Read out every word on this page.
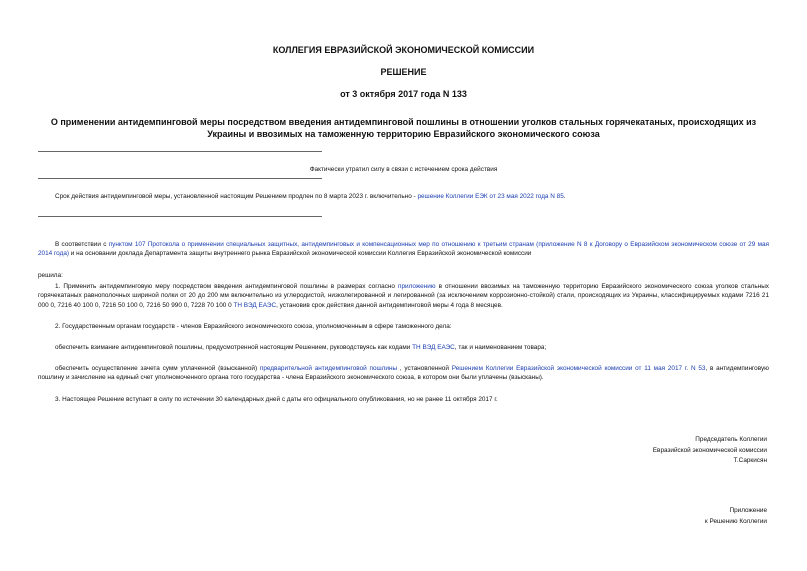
КОЛЛЕГИЯ ЕВРАЗИЙСКОЙ ЭКОНОМИЧЕСКОЙ КОМИССИИ
РЕШЕНИЕ
от 3 октября 2017 года N 133
О применении антидемпинговой меры посредством введения антидемпинговой пошлины в отношении уголков стальных горячекатаных, происходящих из Украины и ввозимых на таможенную территорию Евразийского экономического союза
Фактически утратил силу в связи с истечением срока действия
Срок действия антидемпинговой меры, установленной настоящим Решением продлен по 8 марта 2023 г. включительно - решение Коллегии ЕЭК от 23 мая 2022 года N 85.
В соответствии с пунктом 107 Протокола о применении специальных защитных, антидемпинговых и компенсационных мер по отношению к третьим странам (приложение N 8 к Договору о Евразийском экономическом союзе от 29 мая 2014 года) и на основании доклада Департамента защиты внутреннего рынка Евразийской экономической комиссии Коллегия Евразийской экономической комиссии
решила:
1. Применить антидемпинговую меру посредством введения антидемпинговой пошлины в размерах согласно приложению в отношении ввозимых на таможенную территорию Евразийского экономического союза уголков стальных горячекатаных равнополочных шириной полки от 20 до 200 мм включительно из углеродистой, низколегированной и легированной (за исключением коррозионно-стойкой) стали, происходящих из Украины, классифицируемых кодами 7216 21 000 0, 7216 40 100 0, 7216 50 100 0, 7216 50 990 0, 7228 70 100 0 ТН ВЭД ЕАЭС, установив срок действия данной антидемпинговой меры 4 года 8 месяцев.
2. Государственным органам государств - членов Евразийского экономического союза, уполномоченным в сфере таможенного дела:
обеспечить взимание антидемпинговой пошлины, предусмотренной настоящим Решением, руководствуясь как кодами ТН ВЭД ЕАЭС, так и наименованием товара;
обеспечить осуществление зачета сумм уплаченной (взысканной) предварительной антидемпинговой пошлины , установленной Решением Коллегии Евразийской экономической комиссии от 11 мая 2017 г. N 53, в антидемпинговую пошлину и зачисление на единый счет уполномоченного органа того государства - члена Евразийского экономического союза, в котором они были уплачены (взысканы).
3. Настоящее Решение вступает в силу по истечении 30 календарных дней с даты его официального опубликования, но не ранее 11 октября 2017 г.
Председатель Коллегии
Евразийской экономической комиссии
Т.Саркисян
Приложение
к Решению Коллегии
